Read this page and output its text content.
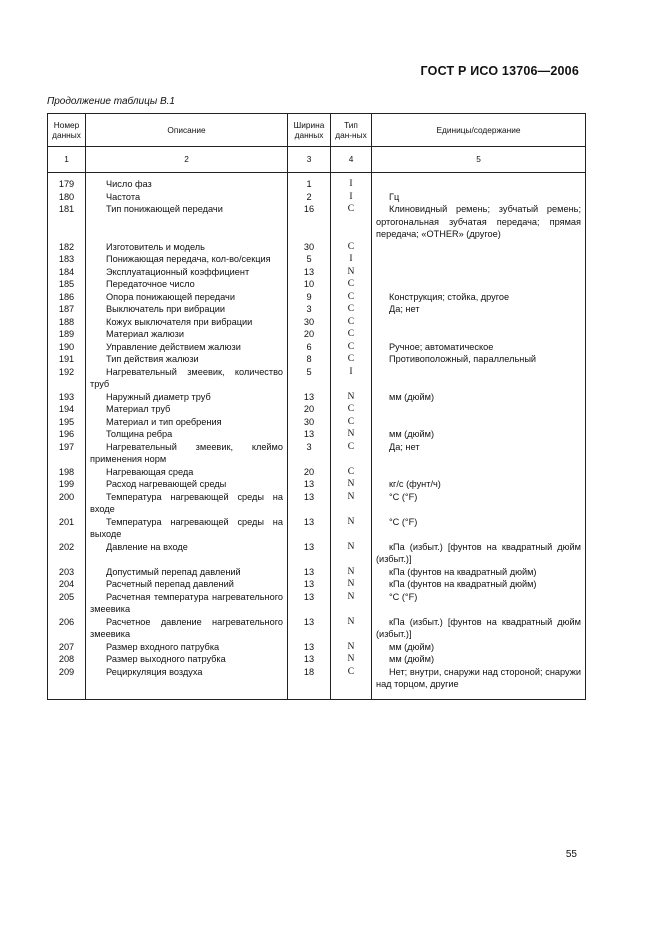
ГОСТ Р ИСО 13706—2006
Продолжение таблицы В.1
Номер данных	Описание	Ширина данных	Тип дан-ных	Единицы/содержание
1	2	3	4	5

179	Число фаз	1	I	
180	Частота	2	I	Гц
181	Тип понижающей передачи	16	C	Клиновидный ремень; зубчатый ремень; ортогональная зубчатая передача; прямая передача; «OTHER» (другое)
182	Изготовитель и модель	30	C	
183	Понижающая передача, кол-во/секция	5	I	
184	Эксплуатационный коэффициент	13	N	
185	Передаточное число	10	C	
186	Опора понижающей передачи	9	C	Конструкция; стойка, другое
187	Выключатель при вибрации	3	C	Да; нет
188	Кожух выключателя при вибрации	30	C	
189	Материал жалюзи	20	C	
190	Управление действием жалюзи	6	C	Ручное; автоматическое
191	Тип действия жалюзи	8	C	Противоположный, параллельный
192	Нагревательный змеевик, количество труб	5	I	
193	Наружный диаметр труб	13	N	мм (дюйм)
194	Материал труб	20	C	
195	Материал и тип оребрения	30	C	
196	Толщина ребра	13	N	мм (дюйм)
197	Нагревательный змеевик, клеймо применения норм	3	C	Да; нет
198	Нагревающая среда	20	C	
199	Расход нагревающей среды	13	N	кг/с (фунт/ч)
200	Температура нагревающей среды на входе	13	N	°C (°F)
201	Температура нагревающей среды на выходе	13	N	°C (°F)
202	Давление на входе	13	N	кПа (избыт.) [фунтов на квадратный дюйм (избыт.)]
203	Допустимый перепад давлений	13	N	кПа (фунтов на квадратный дюйм)
204	Расчетный перепад давлений	13	N	кПа (фунтов на квадратный дюйм)
205	Расчетная температура нагревательного змеевика	13	N	°C (°F)
206	Расчетное давление нагревательного змеевика	13	N	кПа (избыт.) [фунтов на квадратный дюйм (избыт.)]
207	Размер входного патрубка	13	N	мм (дюйм)
208	Размер выходного патрубка	13	N	мм (дюйм)
209	Рециркуляция воздуха	18	C	Нет; внутри, снаружи над стороной; снаружи над торцом, другие
55
